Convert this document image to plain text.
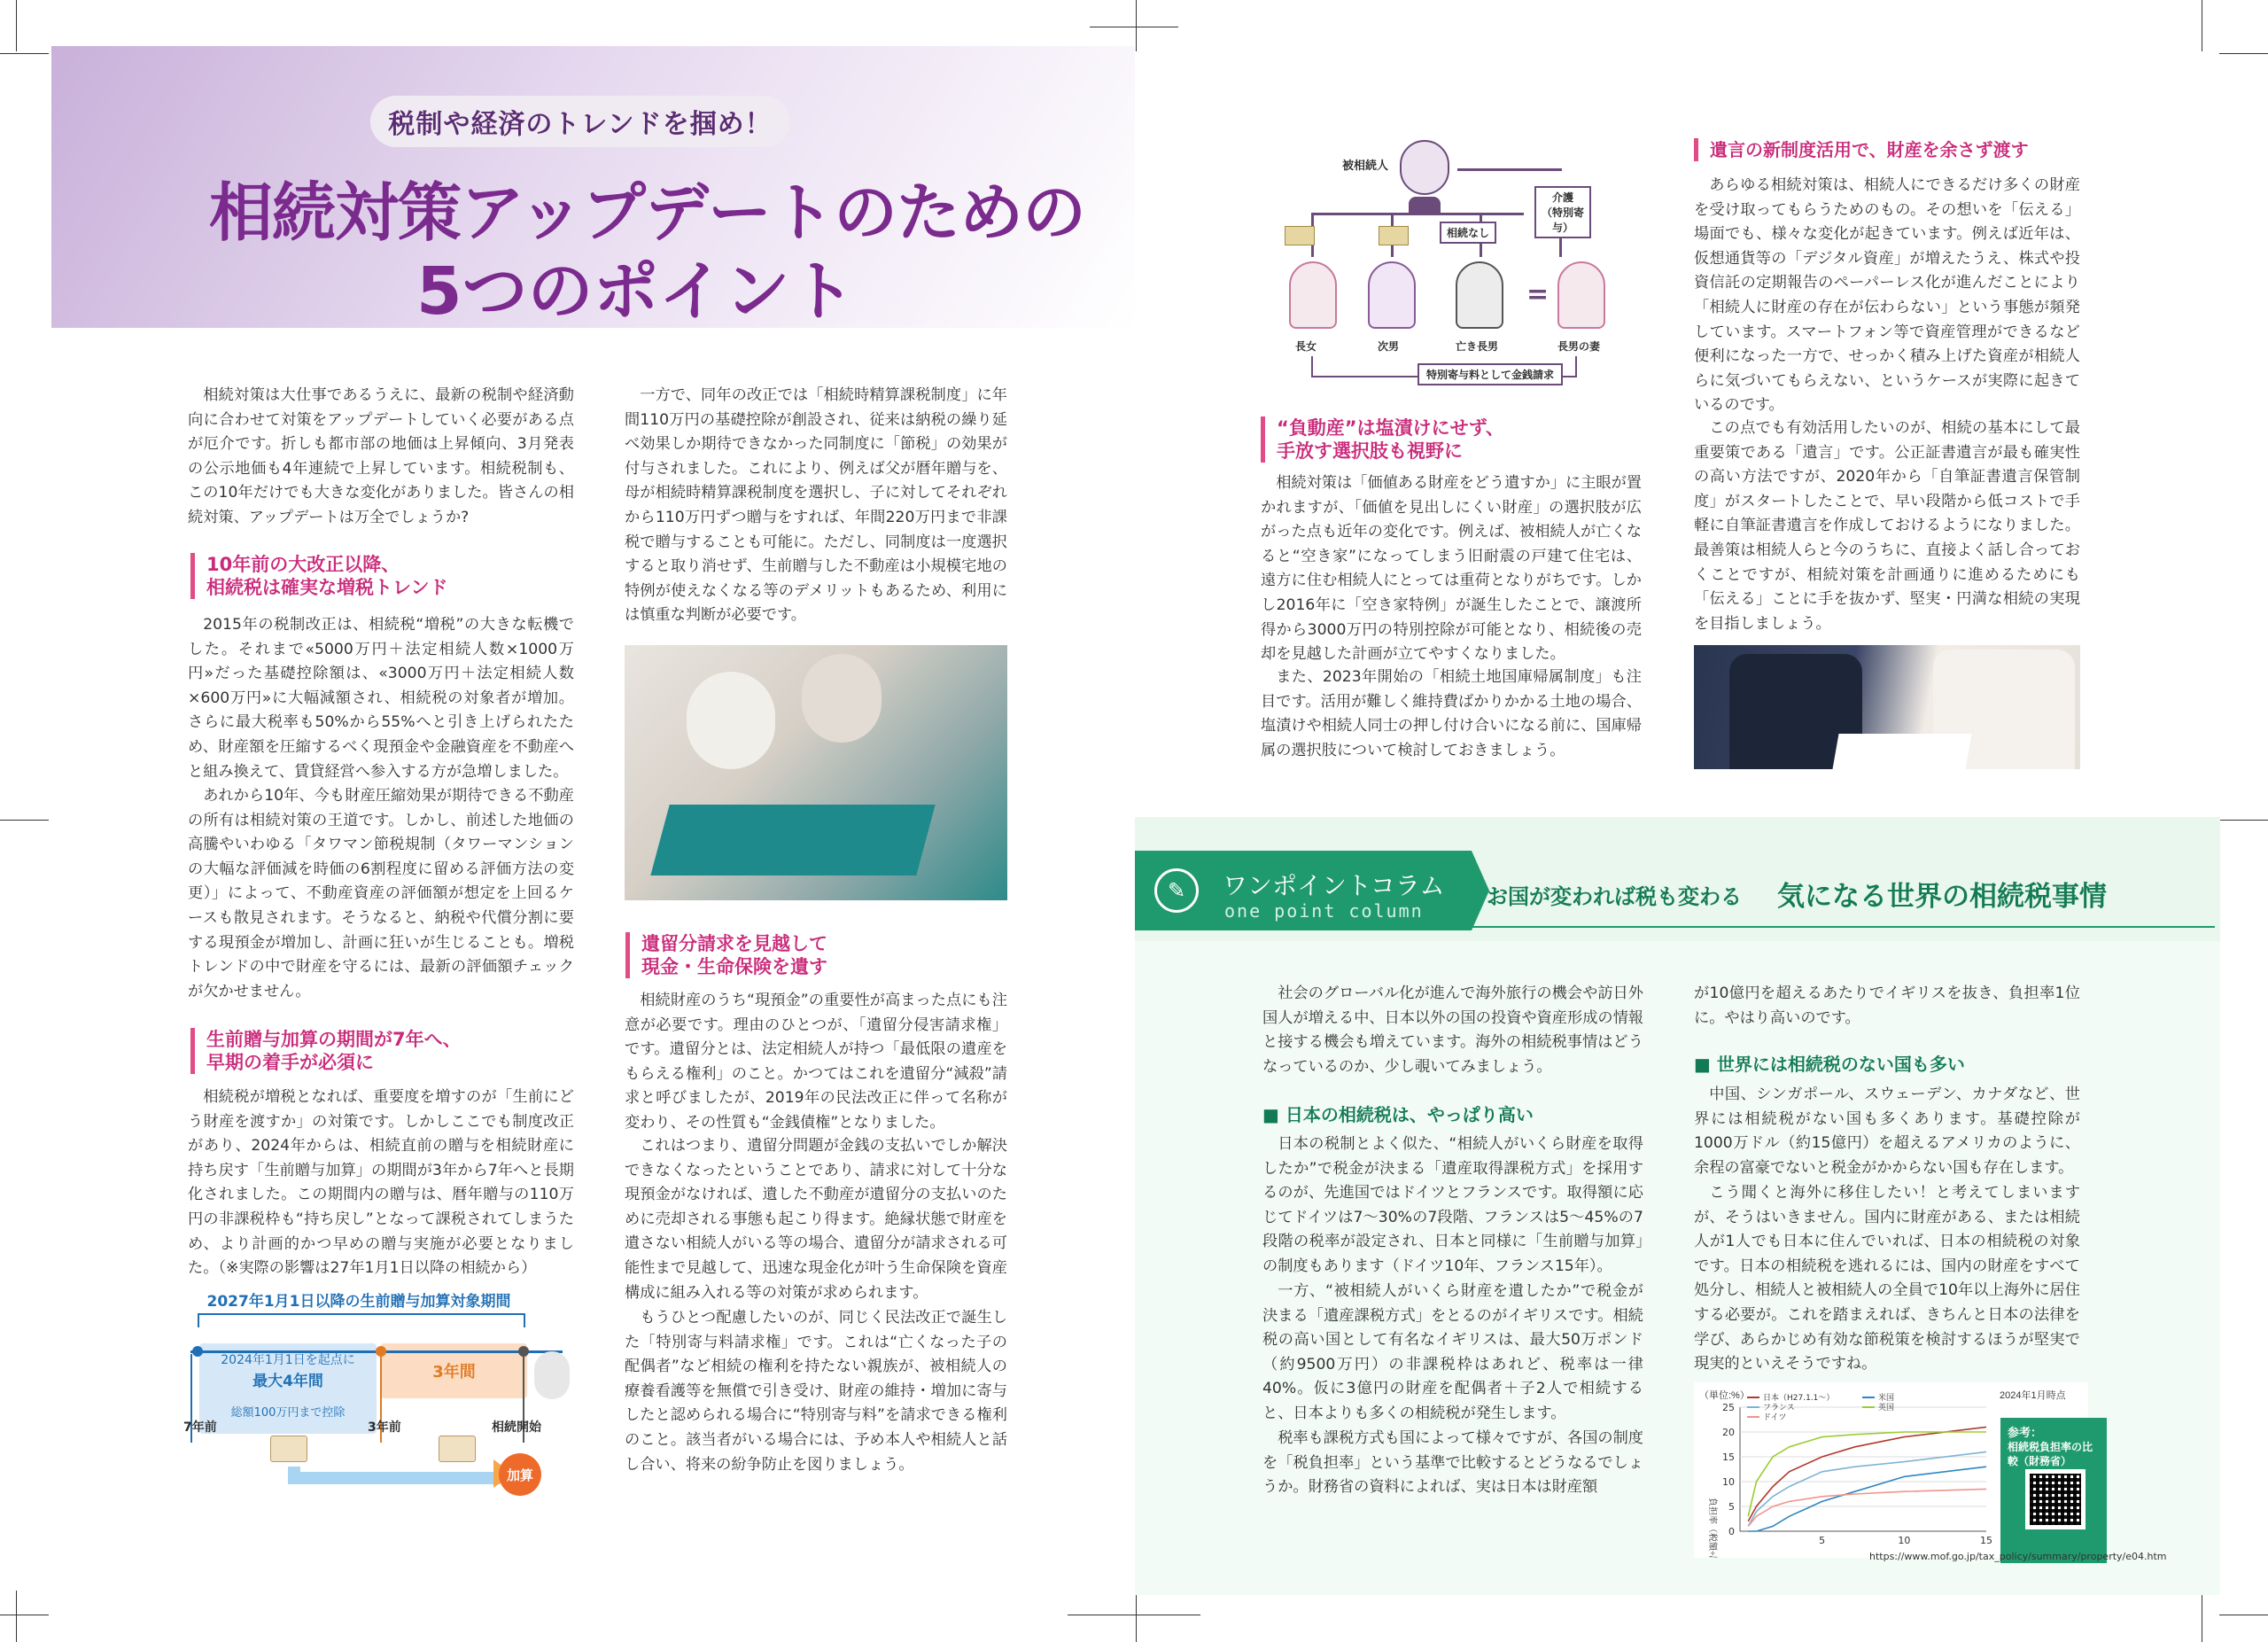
税制や経済のトレンドを掴め！
相続対策アップデートのための
5つのポイント
相続対策は大仕事であるうえに、最新の税制や経済動向に合わせて対策をアップデートしていく必要がある点が厄介です。折しも都市部の地価は上昇傾向、3月発表の公示地価も4年連続で上昇しています。相続税制も、この10年だけでも大きな変化がありました。皆さんの相続対策、アップデートは万全でしょうか?
10年前の大改正以降、
相続税は確実な増税トレンド
2015年の税制改正は、相続税“増税”の大きな転機でした。それまで«5000万円＋法定相続人数×1000万円»だった基礎控除額は、«3000万円＋法定相続人数×600万円»に大幅減額され、相続税の対象者が増加。さらに最大税率も50%から55%へと引き上げられたため、財産額を圧縮するべく現預金や金融資産を不動産へと組み換えて、賃貸経営へ参入する方が急増しました。
あれから10年、今も財産圧縮効果が期待できる不動産の所有は相続対策の王道です。しかし、前述した地価の高騰やいわゆる「タワマン節税規制（タワーマンションの大幅な評価減を時価の6割程度に留める評価方法の変更）」によって、不動産資産の評価額が想定を上回るケースも散見されます。そうなると、納税や代償分割に要する現預金が増加し、計画に狂いが生じることも。増税トレンドの中で財産を守るには、最新の評価額チェックが欠かせません。
生前贈与加算の期間が7年へ、
早期の着手が必須に
相続税が増税となれば、重要度を増すのが「生前にどう財産を渡すか」の対策です。しかしここでも制度改正があり、2024年からは、相続直前の贈与を相続財産に持ち戻す「生前贈与加算」の期間が3年から7年へと長期化されました。この期間内の贈与は、暦年贈与の110万円の非課税枠も“持ち戻し”となって課税されてしまうため、より計画的かつ早めの贈与実施が必要となりました。（※実際の影響は27年1月1日以降の相続から）
2027年1月1日以降の生前贈与加算対象期間
2024年1月1日を起点に
最大4年間
総額100万円まで控除
3年間
7年前	3年前	相続開始
加算
一方で、同年の改正では「相続時精算課税制度」に年間110万円の基礎控除が創設され、従来は納税の繰り延べ効果しか期待できなかった同制度に「節税」の効果が付与されました。これにより、例えば父が暦年贈与を、母が相続時精算課税制度を選択し、子に対してそれぞれから110万円ずつ贈与をすれば、年間220万円まで非課税で贈与することも可能に。ただし、同制度は一度選択すると取り消せず、生前贈与した不動産は小規模宅地の特例が使えなくなる等のデメリットもあるため、利用には慎重な判断が必要です。
遺留分請求を見越して
現金・生命保険を遺す
相続財産のうち“現預金”の重要性が高まった点にも注意が必要です。理由のひとつが、「遺留分侵害請求権」です。遺留分とは、法定相続人が持つ「最低限の遺産をもらえる権利」のこと。かつてはこれを遺留分“減殺”請求と呼びましたが、2019年の民法改正に伴って名称が変わり、その性質も“金銭債権”となりました。
これはつまり、遺留分問題が金銭の支払いでしか解決できなくなったということであり、請求に対して十分な現預金がなければ、遺した不動産が遺留分の支払いのために売却される事態も起こり得ます。絶縁状態で財産を遺さない相続人がいる等の場合、遺留分が請求される可能性まで見越して、迅速な現金化が叶う生命保険を資産構成に組み入れる等の対策が求められます。
もうひとつ配慮したいのが、同じく民法改正で誕生した「特別寄与料請求権」です。これは“亡くなった子の配偶者”など相続の権利を持たない親族が、被相続人の療養看護等を無償で引き受け、財産の維持・増加に寄与したと認められる場合に“特別寄与料”を請求できる権利のこと。該当者がいる場合には、予め本人や相続人と話し合い、将来の紛争防止を図りましょう。
被相続人
相続なし
介護
（特別寄与）
=
長女	次男	亡き長男	長男の妻
特別寄与料として金銭請求
“負動産”は塩漬けにせず、
手放す選択肢も視野に
相続対策は「価値ある財産をどう遺すか」に主眼が置かれますが、「価値を見出しにくい財産」の選択肢が広がった点も近年の変化です。例えば、被相続人が亡くなると“空き家”になってしまう旧耐震の戸建て住宅は、遠方に住む相続人にとっては重荷となりがちです。しかし2016年に「空き家特例」が誕生したことで、譲渡所得から3000万円の特別控除が可能となり、相続後の売却を見越した計画が立てやすくなりました。
また、2023年開始の「相続土地国庫帰属制度」も注目です。活用が難しく維持費ばかりかかる土地の場合、塩漬けや相続人同士の押し付け合いになる前に、国庫帰属の選択肢について検討しておきましょう。
遺言の新制度活用で、財産を余さず渡す
あらゆる相続対策は、相続人にできるだけ多くの財産を受け取ってもらうためのもの。その想いを「伝える」場面でも、様々な変化が起きています。例えば近年は、仮想通貨等の「デジタル資産」が増えたうえ、株式や投資信託の定期報告のペーパーレス化が進んだことにより「相続人に財産の存在が伝わらない」という事態が頻発しています。スマートフォン等で資産管理ができるなど便利になった一方で、せっかく積み上げた資産が相続人らに気づいてもらえない、というケースが実際に起きているのです。
この点でも有効活用したいのが、相続の基本にして最重要策である「遺言」です。公正証書遺言が最も確実性の高い方法ですが、2020年から「自筆証書遺言保管制度」がスタートしたことで、早い段階から低コストで手軽に自筆証書遺言を作成しておけるようになりました。最善策は相続人らと今のうちに、直接よく話し合っておくことですが、相続対策を計画通りに進めるためにも「伝える」ことに手を抜かず、堅実・円満な相続の実現を目指しましょう。
✎	ワンポイントコラム
one point column
お国が変われば税も変わる 気になる世界の相続税事情
社会のグローバル化が進んで海外旅行の機会や訪日外国人が増える中、日本以外の国の投資や資産形成の情報と接する機会も増えています。海外の相続税事情はどうなっているのか、少し覗いてみましょう。
■ 日本の相続税は、やっぱり高い
日本の税制とよく似た、“相続人がいくら財産を取得したか”で税金が決まる「遺産取得課税方式」を採用するのが、先進国ではドイツとフランスです。取得額に応じてドイツは7～30%の7段階、フランスは5～45%の7段階の税率が設定され、日本と同様に「生前贈与加算」の制度もあります（ドイツ10年、フランス15年）。
一方、“被相続人がいくら財産を遺したか”で税金が決まる「遺産課税方式」をとるのがイギリスです。相続税の高い国として有名なイギリスは、最大50万ポンド（約9500万円）の非課税枠はあれど、税率は一律40%。仮に3億円の財産を配偶者＋子2人で相続すると、日本よりも多くの相続税が発生します。
税率も課税方式も国によって様々ですが、各国の制度を「税負担率」という基準で比較するとどうなるでしょうか。財務省の資料によれば、実は日本は財産額
が10億円を超えるあたりでイギリスを抜き、負担率1位に。やはり高いのです。
■ 世界には相続税のない国も多い
中国、シンガポール、スウェーデン、カナダなど、世界には相続税がない国も多くあります。基礎控除が1000万ドル（約15億円）を超えるアメリカのように、余程の富豪でないと税金がかからない国も存在します。
こう聞くと海外に移住したい！と考えてしまいますが、そうはいきません。国内に財産がある、または相続人が1人でも日本に住んでいれば、日本の相続税の対象です。日本の相続税を逃れるには、国内の財産をすべて処分し、相続人と被相続人の全員で10年以上海外に居住する必要が。これを踏まえれば、きちんと日本の法律を学び、あらかじめ有効な節税策を検討するほうが堅実で現実的といえそうですね。
（単位:%）	2024年1月時点
負担率（税額÷課税価格） 0
5
10
15
20
25
5	10	15
日本（H27.1.1～）	米国
フランス	英国
ドイツ
参考：
相続税負担率の比較（財務省）
https://www.mof.go.jp/tax_policy/summary/property/e04.htm
